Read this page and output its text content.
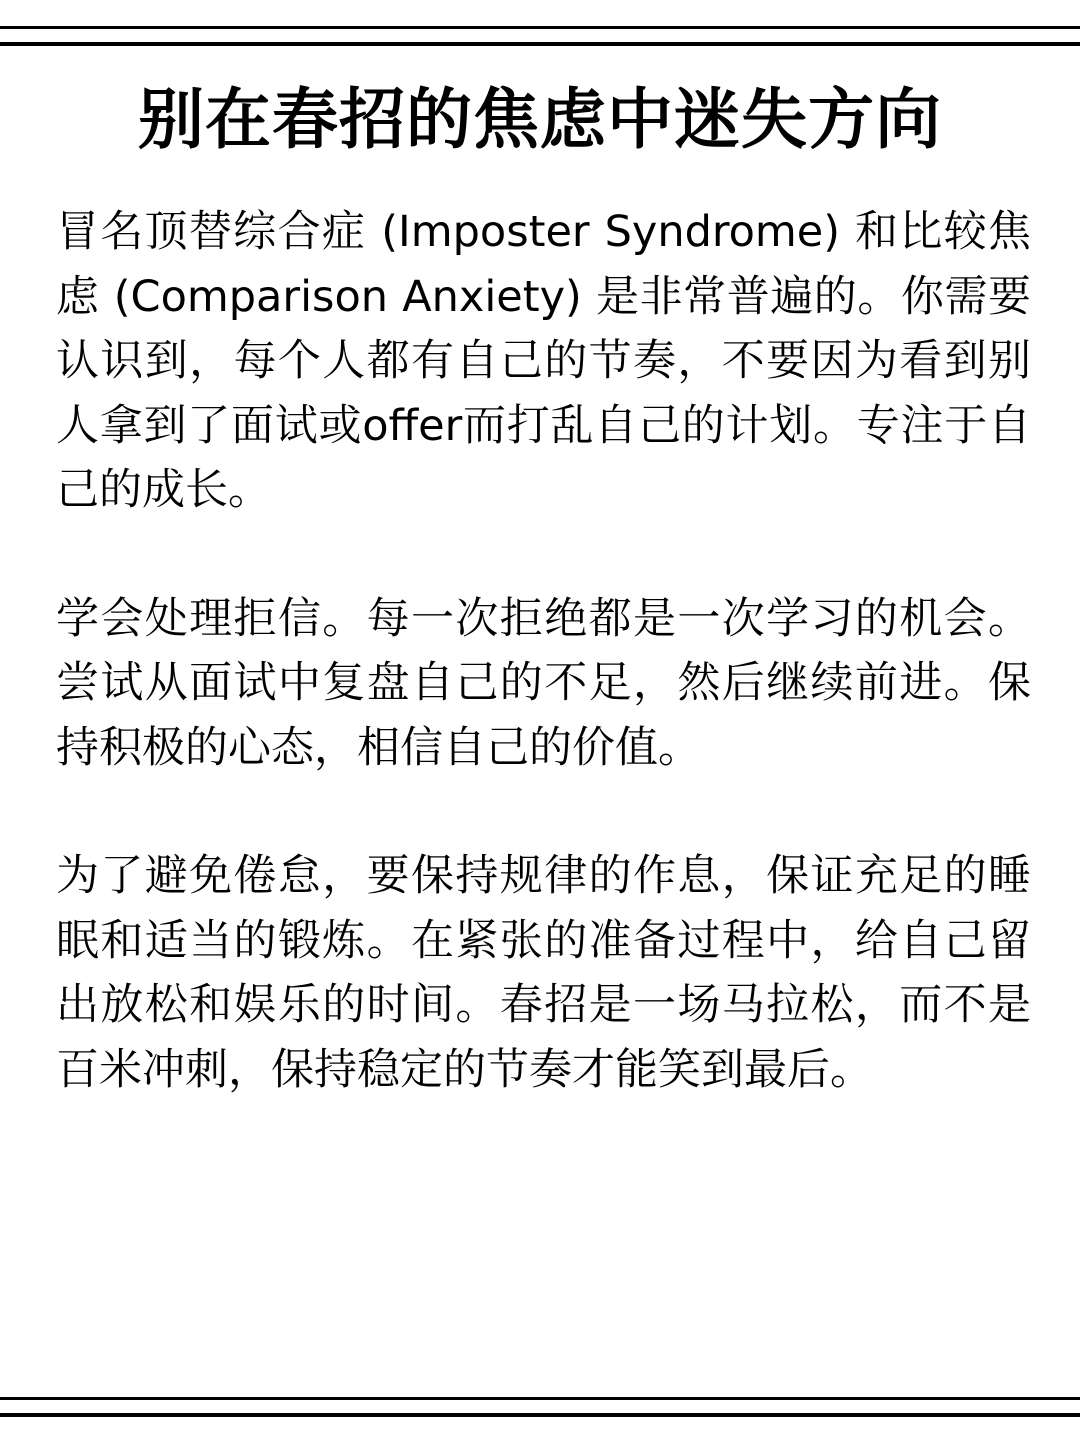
别在春招的焦虑中迷失方向

冒名顶替综合症 (Imposter Syndrome) 和比较焦虑 (Comparison Anxiety) 是非常普遍的。你需要认识到，每个人都有自己的节奏，不要因为看到别人拿到了面试或offer而打乱自己的计划。专注于自己的成长。

学会处理拒信。每一次拒绝都是一次学习的机会。尝试从面试中复盘自己的不足，然后继续前进。保持积极的心态，相信自己的价值。

为了避免倦怠，要保持规律的作息，保证充足的睡眠和适当的锻炼。在紧张的准备过程中，给自己留出放松和娱乐的时间。春招是一场马拉松，而不是百米冲刺，保持稳定的节奏才能笑到最后。
